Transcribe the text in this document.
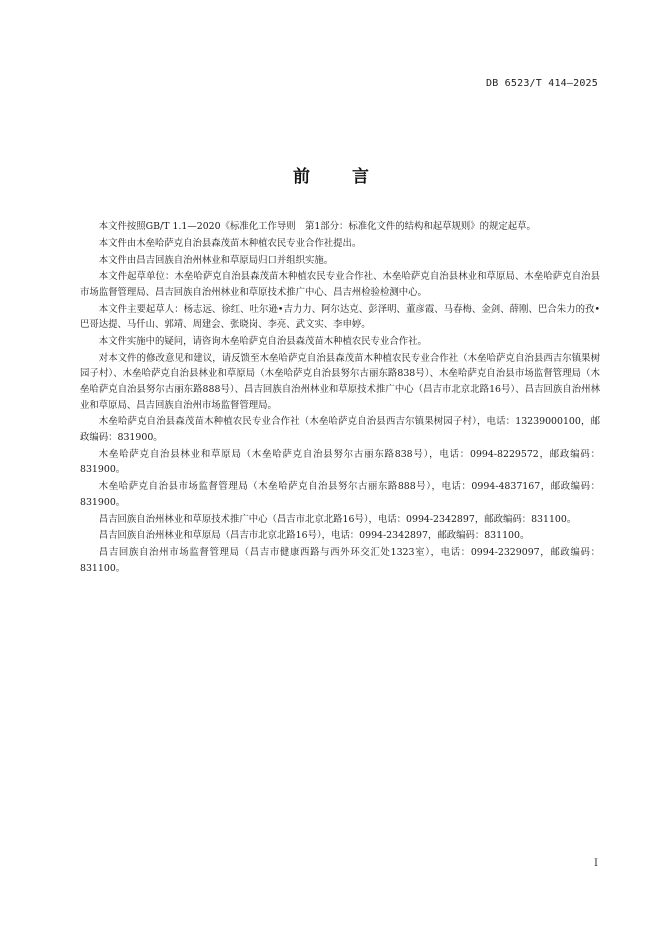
DB 6523/T 414—2025
前 言

本文件按照GB/T 1.1—2020《标准化工作导则　第1部分：标准化文件的结构和起草规则》的规定起草。

本文件由木垒哈萨克自治县森茂苗木种植农民专业合作社提出。

本文件由昌吉回族自治州林业和草原局归口并组织实施。

本文件起草单位：木垒哈萨克自治县森茂苗木种植农民专业合作社、木垒哈萨克自治县林业和草原局、木垒哈萨克自治县市场监督管理局、昌吉回族自治州林业和草原技术推广中心、昌吉州检验检测中心。

本文件主要起草人：杨志远、徐红、吐尔逊•吉力力、阿尔达克、彭泽明、董彦霞、马春梅、金剑、薛刚、巴合朱力的孜•巴哥达提、马仟山、郭靖、周建会、张晓岗、李亮、武文实、李申婷。

本文件实施中的疑问，请咨询木垒哈萨克自治县森茂苗木种植农民专业合作社。

对本文件的修改意见和建议，请反馈至木垒哈萨克自治县森茂苗木种植农民专业合作社（木垒哈萨克自治县西吉尔镇果树园子村）、木垒哈萨克自治县林业和草原局（木垒哈萨克自治县努尔古丽东路838号）、木垒哈萨克自治县市场监督管理局（木垒哈萨克自治县努尔古丽东路888号）、昌吉回族自治州林业和草原技术推广中心（昌吉市北京北路16号）、昌吉回族自治州林业和草原局、昌吉回族自治州市场监督管理局。

木垒哈萨克自治县森茂苗木种植农民专业合作社（木垒哈萨克自治县西吉尔镇果树园子村），电话：13239000100，邮政编码：831900。

木垒哈萨克自治县林业和草原局（木垒哈萨克自治县努尔古丽东路838号），电话：0994-8229572，邮政编码：831900。

木垒哈萨克自治县市场监督管理局（木垒哈萨克自治县努尔古丽东路888号），电话：0994-4837167，邮政编码：831900。

昌吉回族自治州林业和草原技术推广中心（昌吉市北京北路16号），电话：0994-2342897，邮政编码：831100。

昌吉回族自治州林业和草原局（昌吉市北京北路16号），电话：0994-2342897，邮政编码：831100。

昌吉回族自治州市场监督管理局（昌吉市健康西路与西外环交汇处1323室），电话：0994-2329097，邮政编码：831100。

I
